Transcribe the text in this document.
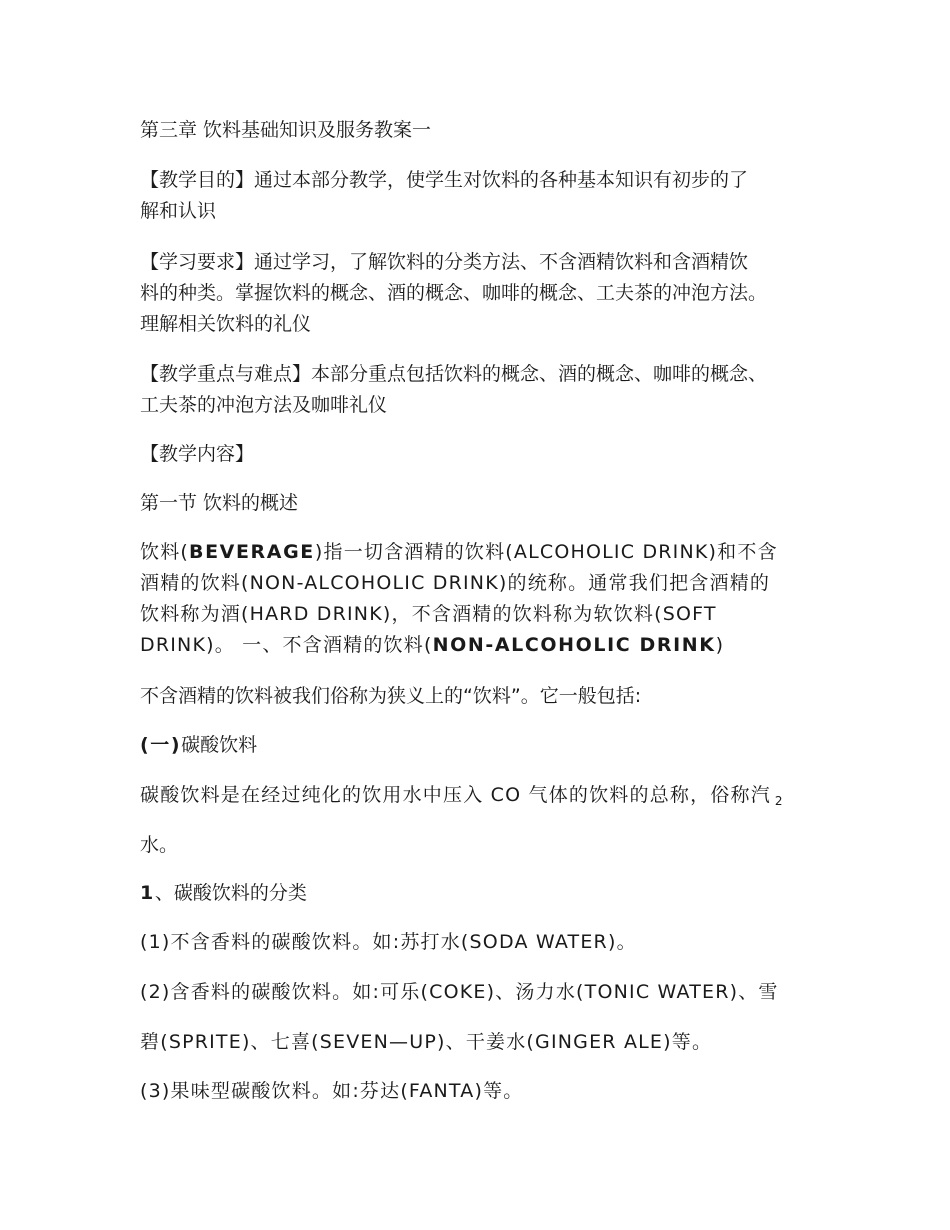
第三章 饮料基础知识及服务教案一

【教学目的】通过本部分教学，使学生对饮料的各种基本知识有初步的了

解和认识

【学习要求】通过学习，了解饮料的分类方法、不含酒精饮料和含酒精饮

料的种类。掌握饮料的概念、酒的概念、咖啡的概念、工夫茶的冲泡方法。

理解相关饮料的礼仪

【教学重点与难点】本部分重点包括饮料的概念、酒的概念、咖啡的概念、

工夫茶的冲泡方法及咖啡礼仪

【教学内容】

第一节 饮料的概述

饮料(BEVERAGE)指一切含酒精的饮料(ALCOHOLIC DRINK)和不含

酒精的饮料(NON-ALCOHOLIC DRINK)的统称。通常我们把含酒精的

饮料称为酒(HARD DRINK)，不含酒精的饮料称为软饮料(SOFT

DRINK)。 一、不含酒精的饮料(NON-ALCOHOLIC DRINK)

不含酒精的饮料被我们俗称为狭义上的“饮料”。它一般包括:

(一)碳酸饮料

碳酸饮料是在经过纯化的饮用水中压入 CO 气体的饮料的总称，俗称汽 $_2$

水。

1、碳酸饮料的分类

(1)不含香料的碳酸饮料。如:苏打水(SODA WATER)。

(2)含香料的碳酸饮料。如:可乐(COKE)、汤力水(TONIC WATER)、雪

碧(SPRITE)、七喜(SEVEN—UP)、干姜水(GINGER ALE)等。

(3)果味型碳酸饮料。如:芬达(FANTA)等。
